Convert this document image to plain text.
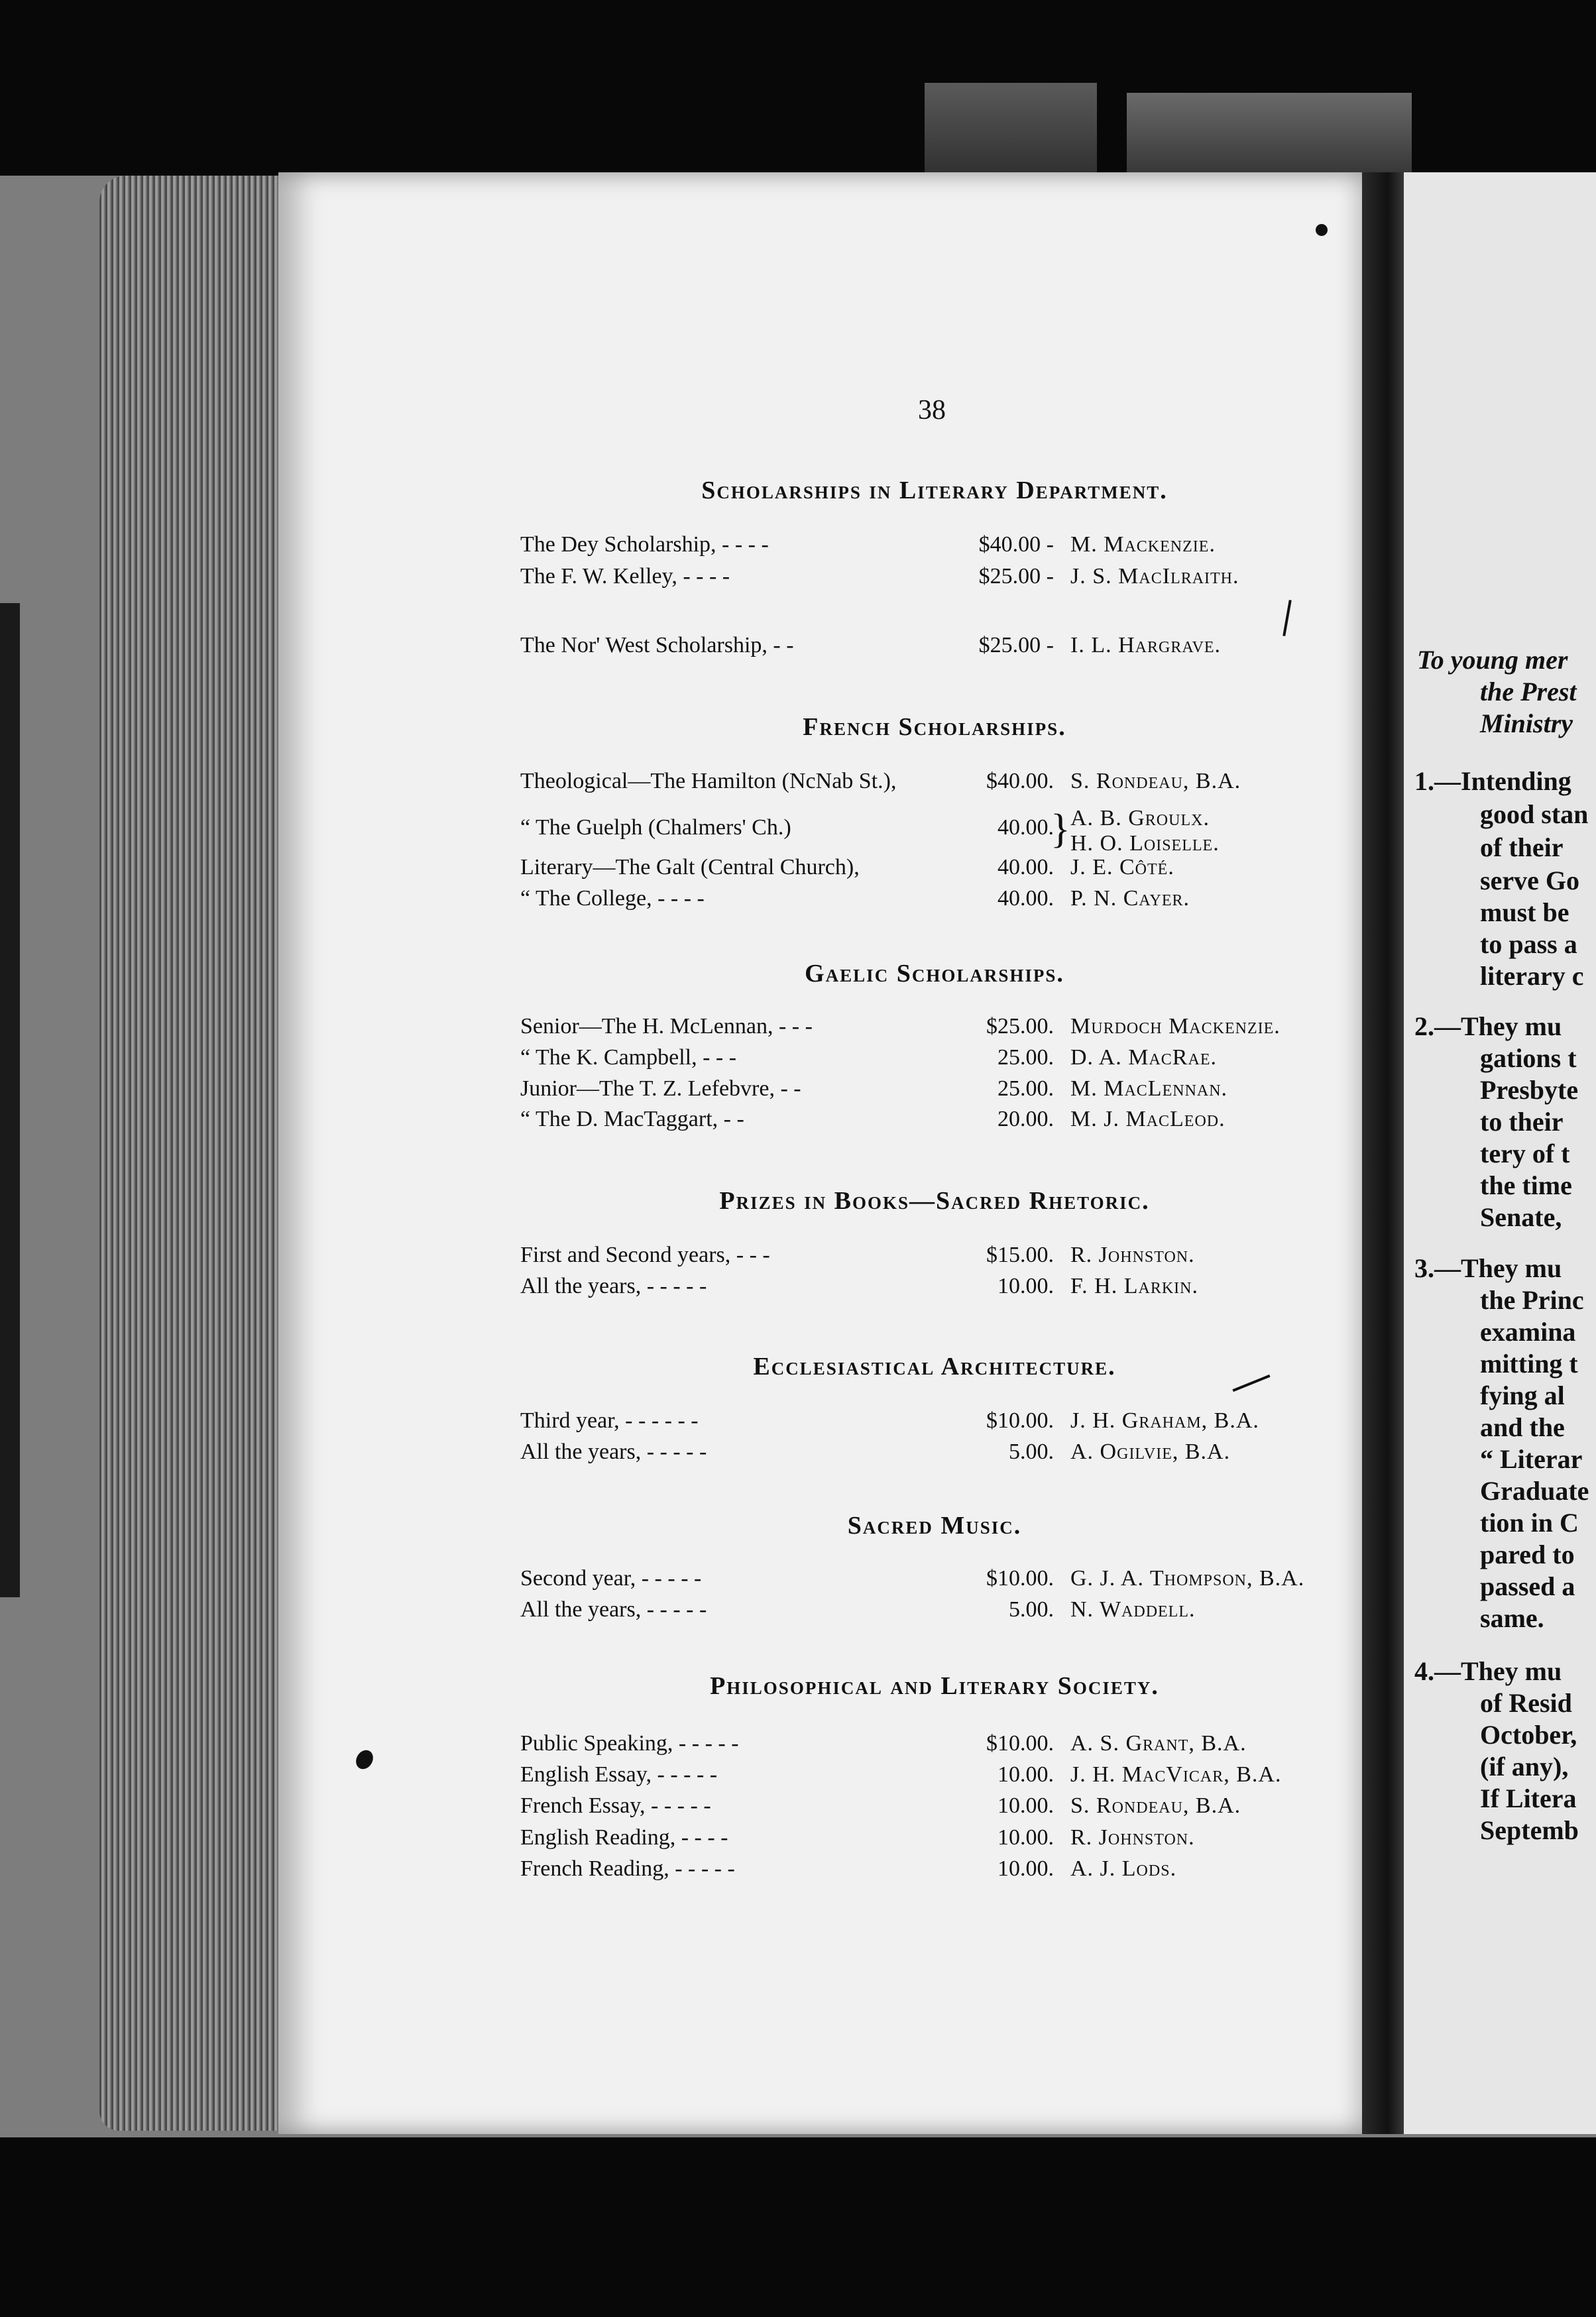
To young mer
the Prest
Ministry
1.—Intending
good stan
of their
serve Go
must be
to pass a
literary c
2.—They mu
gations t
Presbyte
to their
tery of t
the time
Senate,
3.—They mu
the Princ
examina
mitting t
fying al
and the
“ Literar
Graduate
tion in C
pared to
passed a
same.
4.—They mu
of Resid
October,
(if any),
If Litera
Septemb
38
Scholarships in Literary Department.
The Dey Scholarship, - - - -	$40.00 - M. Mackenzie.
The F. W. Kelley, - - - -	$25.00 - J. S. MacIlraith.
The Nor' West Scholarship, - -	$25.00 - I. L. Hargrave.
French Scholarships.
Theological—The Hamilton (NcNab St.),	$40.00. S. Rondeau, B.A.
“ The Guelph (Chalmers' Ch.)	40.00.
} A. B. Groulx.
H. O. Loiselle.
Literary—The Galt (Central Church),	40.00. J. E. Côté.
“ The College, - - - -	40.00. P. N. Cayer.
Gaelic Scholarships.
Senior—The H. McLennan, - - -	$25.00. Murdoch Mackenzie.
“ The K. Campbell, - - -	25.00. D. A. MacRae.
Junior—The T. Z. Lefebvre, - -	25.00. M. MacLennan.
“ The D. MacTaggart, - -	20.00. M. J. MacLeod.
Prizes in Books—Sacred Rhetoric.
First and Second years, - - -	$15.00. R. Johnston.
All the years, - - - - -	10.00. F. H. Larkin.
Ecclesiastical Architecture.
Third year, - - - - - -	$10.00. J. H. Graham, B.A.
All the years, - - - - -	5.00. A. Ogilvie, B.A.
Sacred Music.
Second year, - - - - -	$10.00. G. J. A. Thompson, B.A.
All the years, - - - - -	5.00. N. Waddell.
Philosophical and Literary Society.
Public Speaking, - - - - -	$10.00. A. S. Grant, B.A.
English Essay, - - - - -	10.00. J. H. MacVicar, B.A.
French Essay, - - - - -	10.00. S. Rondeau, B.A.
English Reading, - - - -	10.00. R. Johnston.
French Reading, - - - - -	10.00. A. J. Lods.
